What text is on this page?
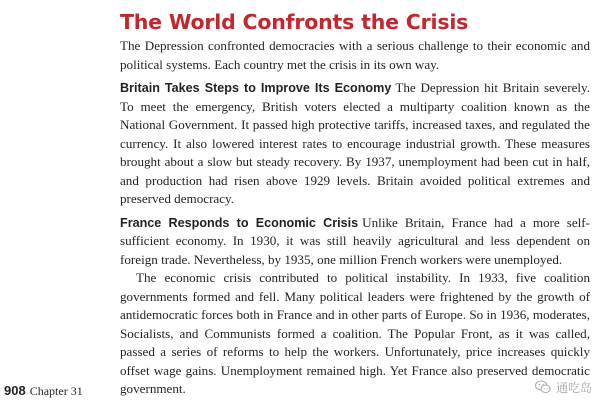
The World Confronts the Crisis

The Depression confronted democracies with a serious challenge to their economic and political systems. Each country met the crisis in its own way.

Britain Takes Steps to Improve Its Economy The Depression hit Britain severely. To meet the emergency, British voters elected a multiparty coalition known as the National Government. It passed high protective tariffs, increased taxes, and regulated the currency. It also lowered interest rates to encourage industrial growth. These measures brought about a slow but steady recovery. By 1937, unemployment had been cut in half, and production had risen above 1929 levels. Britain avoided political extremes and preserved democracy.

France Responds to Economic Crisis Unlike Britain, France had a more self-sufficient economy. In 1930, it was still heavily agricultural and less dependent on foreign trade. Nevertheless, by 1935, one million French workers were unemployed.

The economic crisis contributed to political instability. In 1933, five coalition governments formed and fell. Many political leaders were frightened by the growth of antidemocratic forces both in France and in other parts of Europe. So in 1936, moderates, Socialists, and Communists formed a coalition. The Popular Front, as it was called, passed a series of reforms to help the workers. Unfortunately, price increases quickly offset wage gains. Unemployment remained high. Yet France also preserved democratic government.

908 Chapter 31	通吃岛
